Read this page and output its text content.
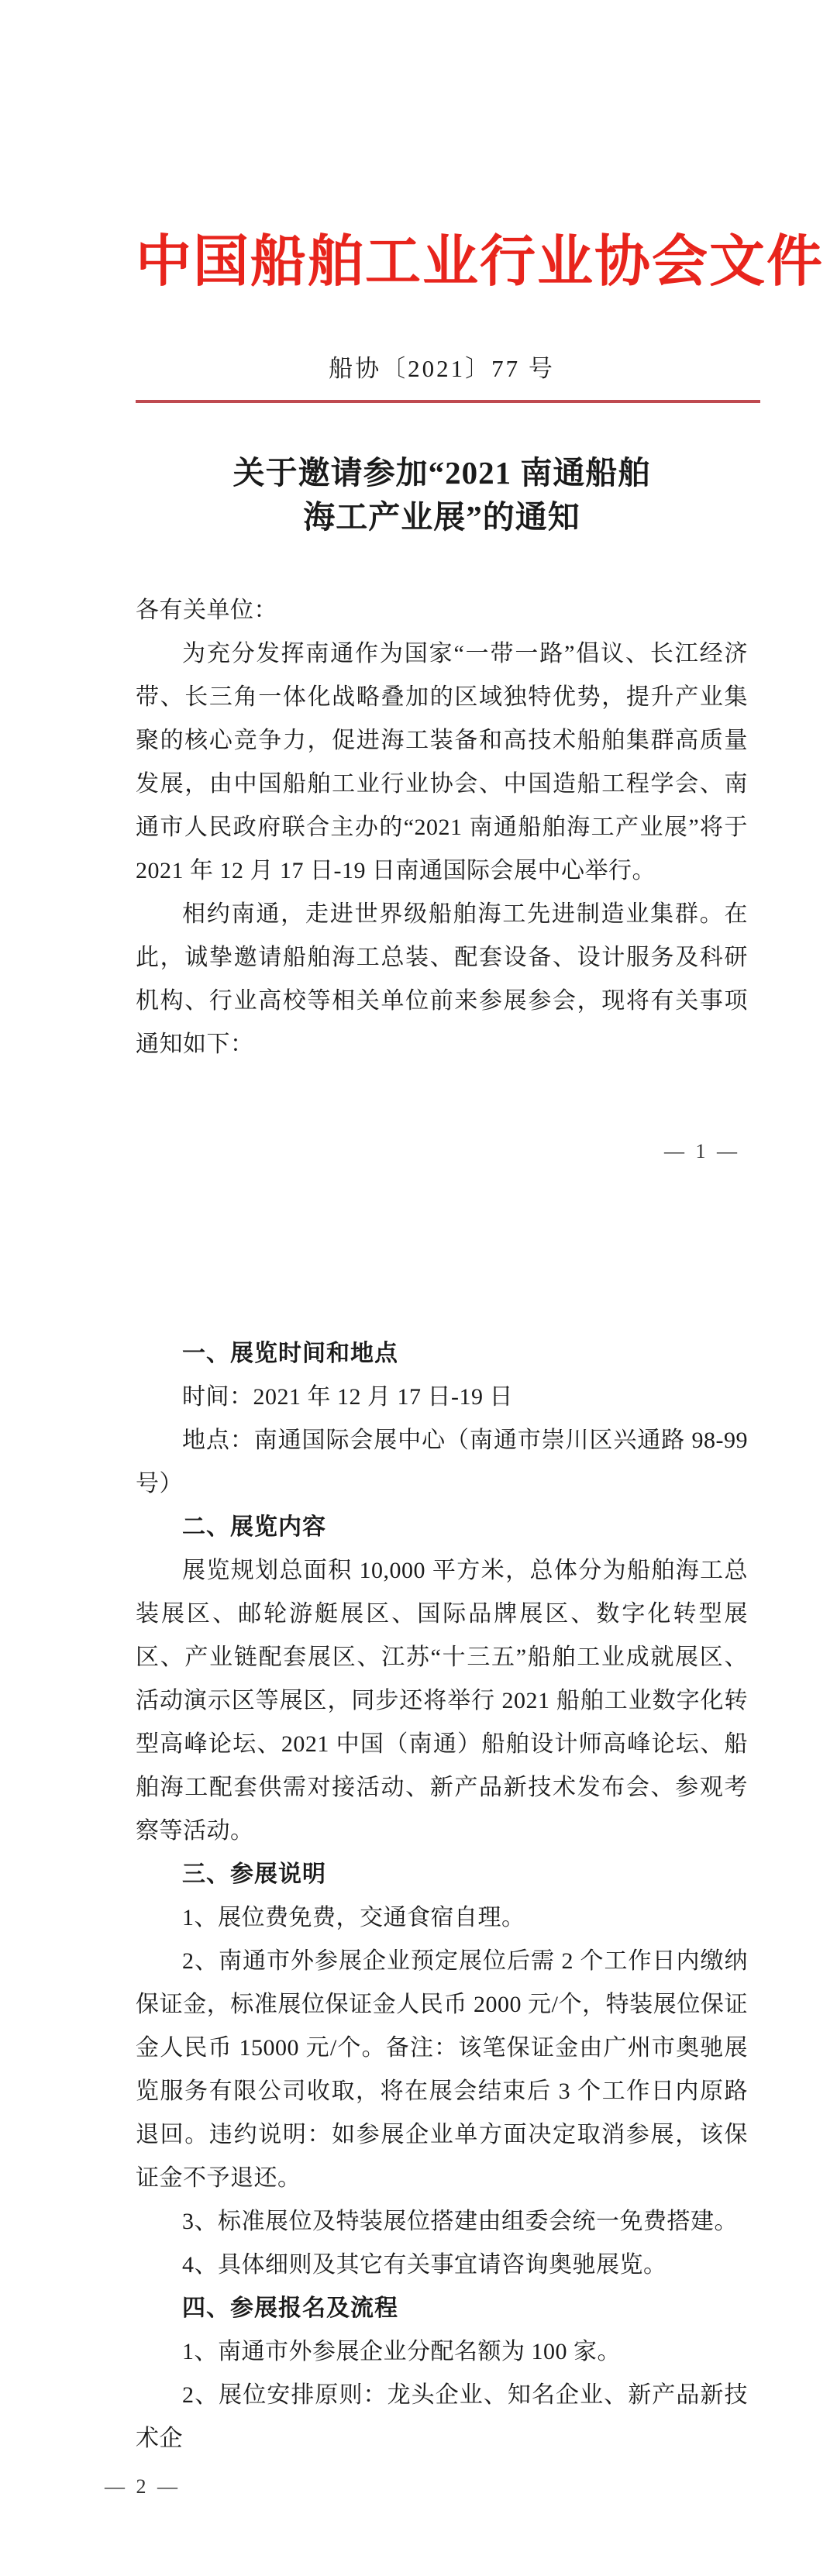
中国船舶工业行业协会文件
船协〔2021〕77 号
关于邀请参加“2021 南通船舶
海工产业展”的通知

各有关单位：

为充分发挥南通作为国家“一带一路”倡议、长江经济带、长三角一体化战略叠加的区域独特优势，提升产业集聚的核心竞争力，促进海工装备和高技术船舶集群高质量发展，由中国船舶工业行业协会、中国造船工程学会、南通市人民政府联合主办的“2021 南通船舶海工产业展”将于 2021 年 12 月 17 日-19 日南通国际会展中心举行。

相约南通，走进世界级船舶海工先进制造业集群。在此，诚挚邀请船舶海工总装、配套设备、设计服务及科研机构、行业高校等相关单位前来参展参会，现将有关事项通知如下：

— 1 —

一、展览时间和地点

时间：2021 年 12 月 17 日-19 日

地点：南通国际会展中心（南通市崇川区兴通路 98-99 号）

二、展览内容

展览规划总面积 10,000 平方米，总体分为船舶海工总装展区、邮轮游艇展区、国际品牌展区、数字化转型展区、产业链配套展区、江苏“十三五”船舶工业成就展区、活动演示区等展区，同步还将举行 2021 船舶工业数字化转型高峰论坛、2021 中国（南通）船舶设计师高峰论坛、船舶海工配套供需对接活动、新产品新技术发布会、参观考察等活动。

三、参展说明

1、展位费免费，交通食宿自理。

2、南通市外参展企业预定展位后需 2 个工作日内缴纳保证金，标准展位保证金人民币 2000 元/个，特装展位保证金人民币 15000 元/个。备注：该笔保证金由广州市奥驰展览服务有限公司收取，将在展会结束后 3 个工作日内原路退回。违约说明：如参展企业单方面决定取消参展，该保证金不予退还。

3、标准展位及特装展位搭建由组委会统一免费搭建。

4、具体细则及其它有关事宜请咨询奥驰展览。

四、参展报名及流程

1、南通市外参展企业分配名额为 100 家。

2、展位安排原则：龙头企业、知名企业、新产品新技术企

— 2 —
